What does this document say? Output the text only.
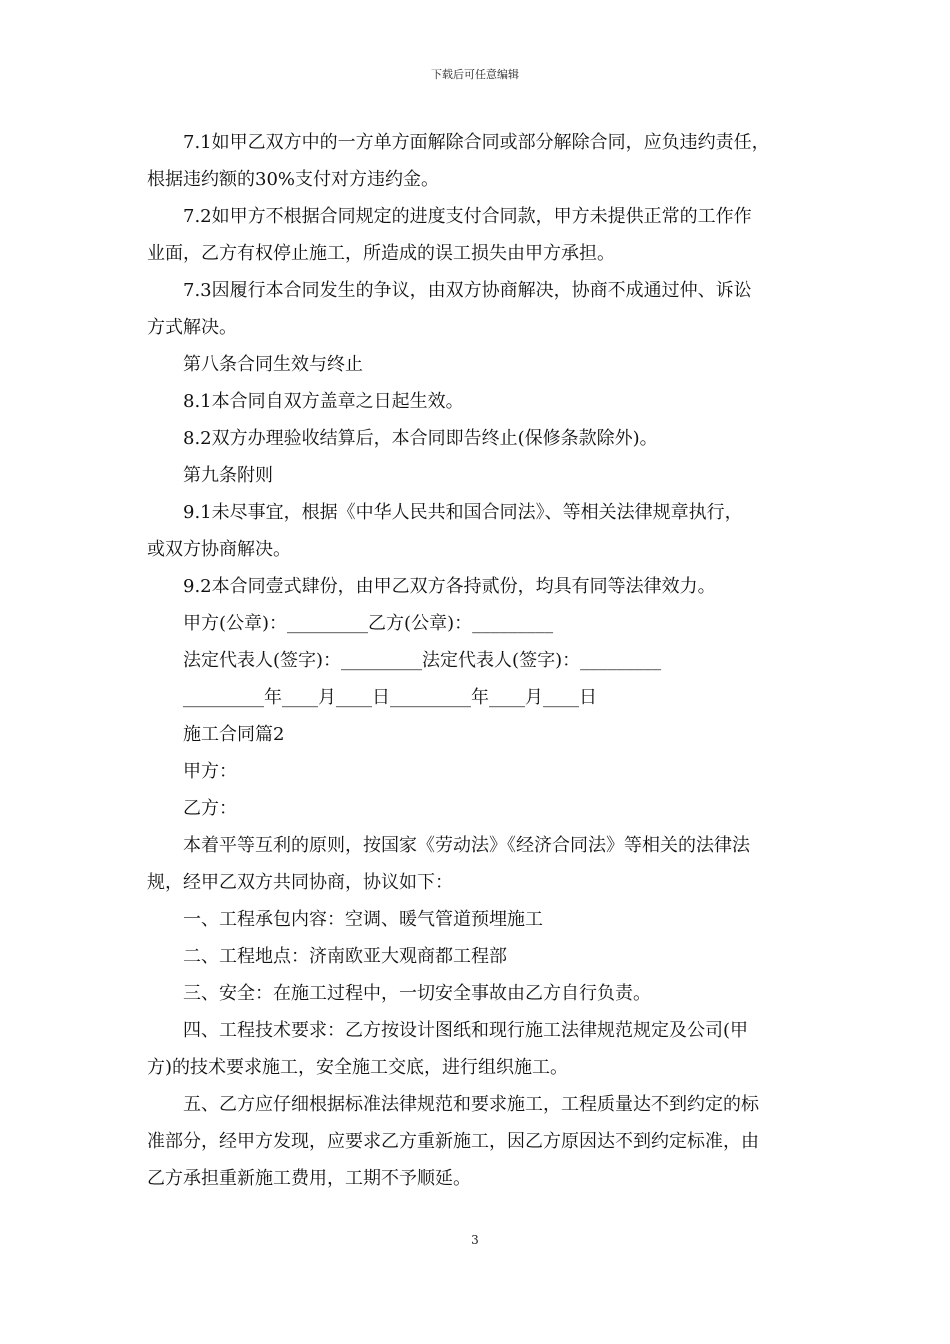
下载后可任意编辑
7.1如甲乙双方中的一方单方面解除合同或部分解除合同，应负违约责任，
根据违约额的30%支付对方违约金。
7.2如甲方不根据合同规定的进度支付合同款，甲方未提供正常的工作作
业面，乙方有权停止施工，所造成的误工损失由甲方承担。
7.3因履行本合同发生的争议，由双方协商解决，协商不成通过仲、诉讼
方式解决。
第八条合同生效与终止
8.1本合同自双方盖章之日起生效。
8.2双方办理验收结算后，本合同即告终止(保修条款除外)。
第九条附则
9.1未尽事宜，根据《中华人民共和国合同法》、等相关法律规章执行，
或双方协商解决。
9.2本合同壹式肆份，由甲乙双方各持贰份，均具有同等法律效力。
甲方(公章)：_________乙方(公章)：_________
法定代表人(签字)：_________法定代表人(签字)：_________
_________年____月____日_________年____月____日
施工合同篇2
甲方：
乙方：
本着平等互利的原则，按国家《劳动法》《经济合同法》等相关的法律法
规，经甲乙双方共同协商，协议如下：
一、工程承包内容：空调、暖气管道预埋施工
二、工程地点：济南欧亚大观商都工程部
三、安全：在施工过程中，一切安全事故由乙方自行负责。
四、工程技术要求：乙方按设计图纸和现行施工法律规范规定及公司(甲
方)的技术要求施工，安全施工交底，进行组织施工。
五、乙方应仔细根据标准法律规范和要求施工，工程质量达不到约定的标
准部分，经甲方发现，应要求乙方重新施工，因乙方原因达不到约定标准，由
乙方承担重新施工费用，工期不予顺延。
3
